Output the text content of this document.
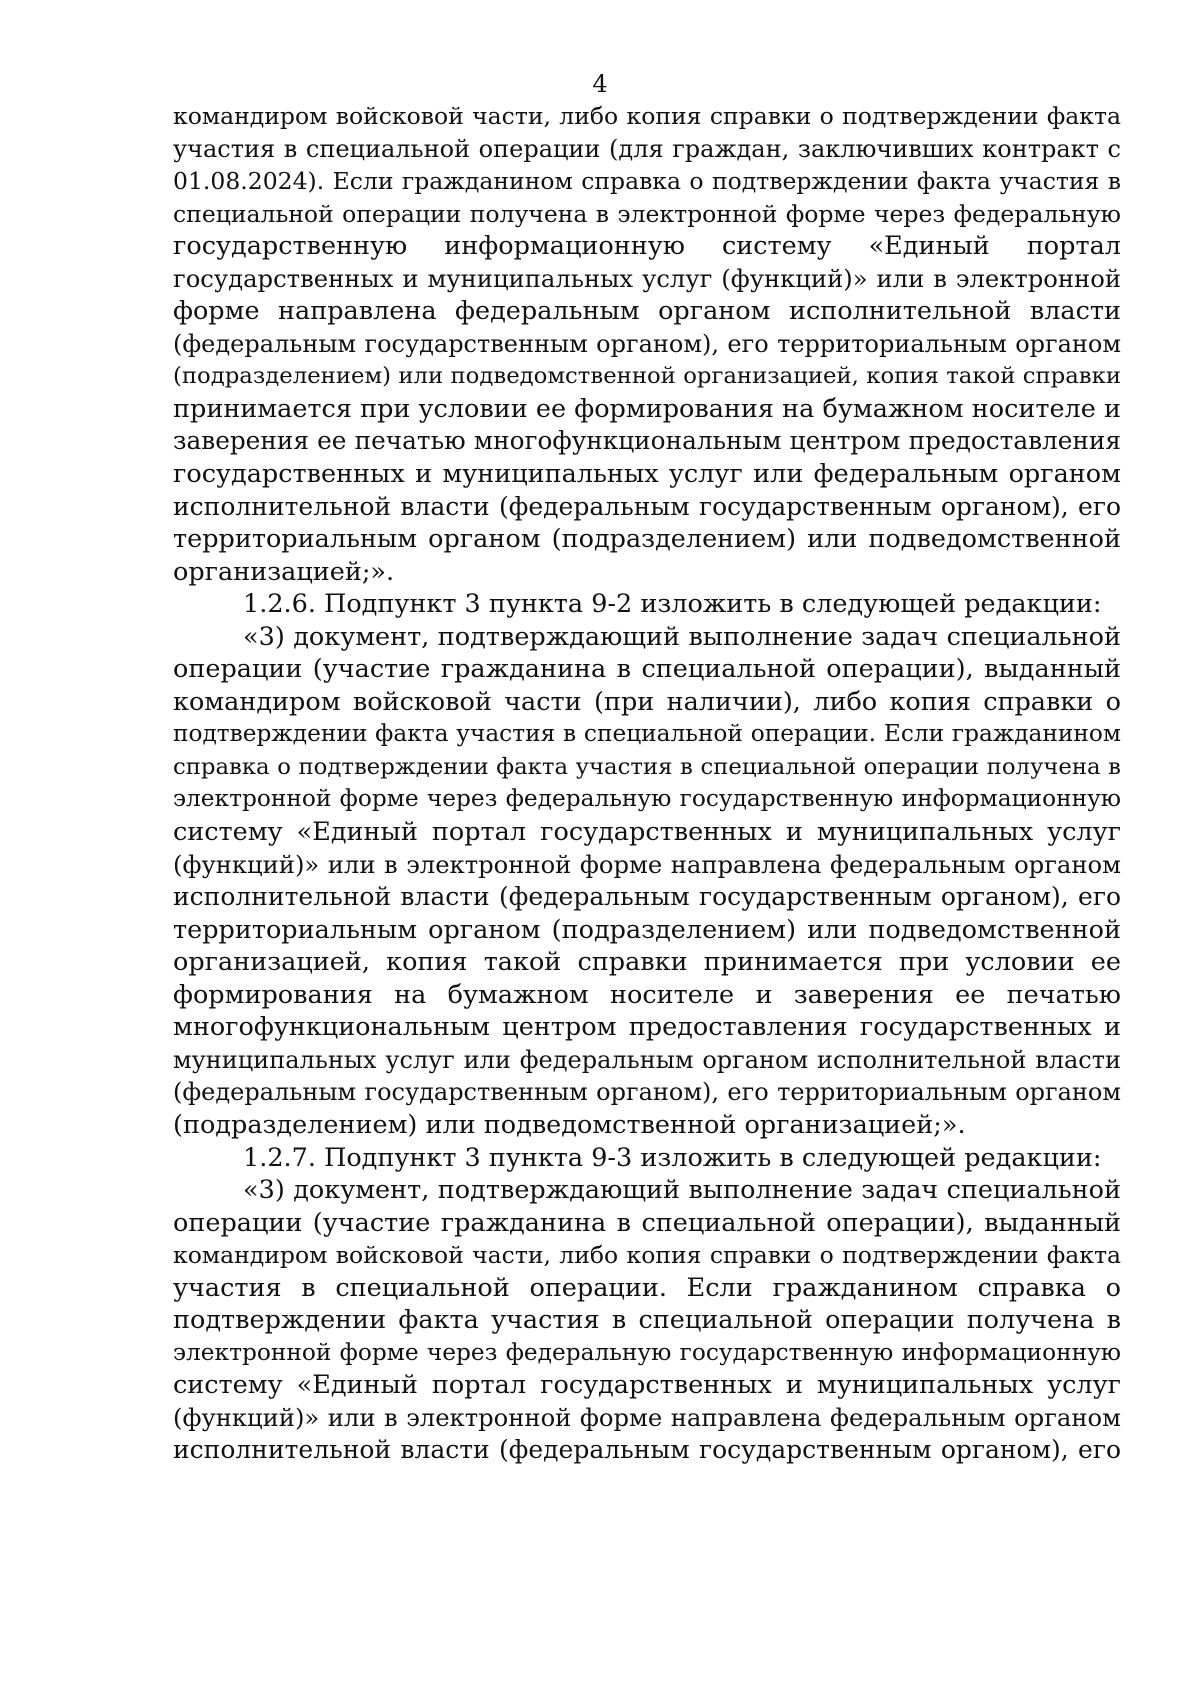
4
командиром войсковой части, либо копия справки о подтверждении факта
участия в специальной операции (для граждан, заключивших контракт с
01.08.2024). Если гражданином справка о подтверждении факта участия в
специальной операции получена в электронной форме через федеральную
государственную информационную систему «Единый портал
государственных и муниципальных услуг (функций)» или в электронной
форме направлена федеральным органом исполнительной власти
(федеральным государственным органом), его территориальным органом
(подразделением) или подведомственной организацией, копия такой справки
принимается при условии ее формирования на бумажном носителе и
заверения ее печатью многофункциональным центром предоставления
государственных и муниципальных услуг или федеральным органом
исполнительной власти (федеральным государственным органом), его
территориальным органом (подразделением) или подведомственной
организацией;».
1.2.6. Подпункт 3 пункта 9-2 изложить в следующей редакции:
«3) документ, подтверждающий выполнение задач специальной
операции (участие гражданина в специальной операции), выданный
командиром войсковой части (при наличии), либо копия справки о
подтверждении факта участия в специальной операции. Если гражданином
справка о подтверждении факта участия в специальной операции получена в
электронной форме через федеральную государственную информационную
систему «Единый портал государственных и муниципальных услуг
(функций)» или в электронной форме направлена федеральным органом
исполнительной власти (федеральным государственным органом), его
территориальным органом (подразделением) или подведомственной
организацией, копия такой справки принимается при условии ее
формирования на бумажном носителе и заверения ее печатью
многофункциональным центром предоставления государственных и
муниципальных услуг или федеральным органом исполнительной власти
(федеральным государственным органом), его территориальным органом
(подразделением) или подведомственной организацией;».
1.2.7. Подпункт 3 пункта 9-3 изложить в следующей редакции:
«3) документ, подтверждающий выполнение задач специальной
операции (участие гражданина в специальной операции), выданный
командиром войсковой части, либо копия справки о подтверждении факта
участия в специальной операции. Если гражданином справка о
подтверждении факта участия в специальной операции получена в
электронной форме через федеральную государственную информационную
систему «Единый портал государственных и муниципальных услуг
(функций)» или в электронной форме направлена федеральным органом
исполнительной власти (федеральным государственным органом), его
